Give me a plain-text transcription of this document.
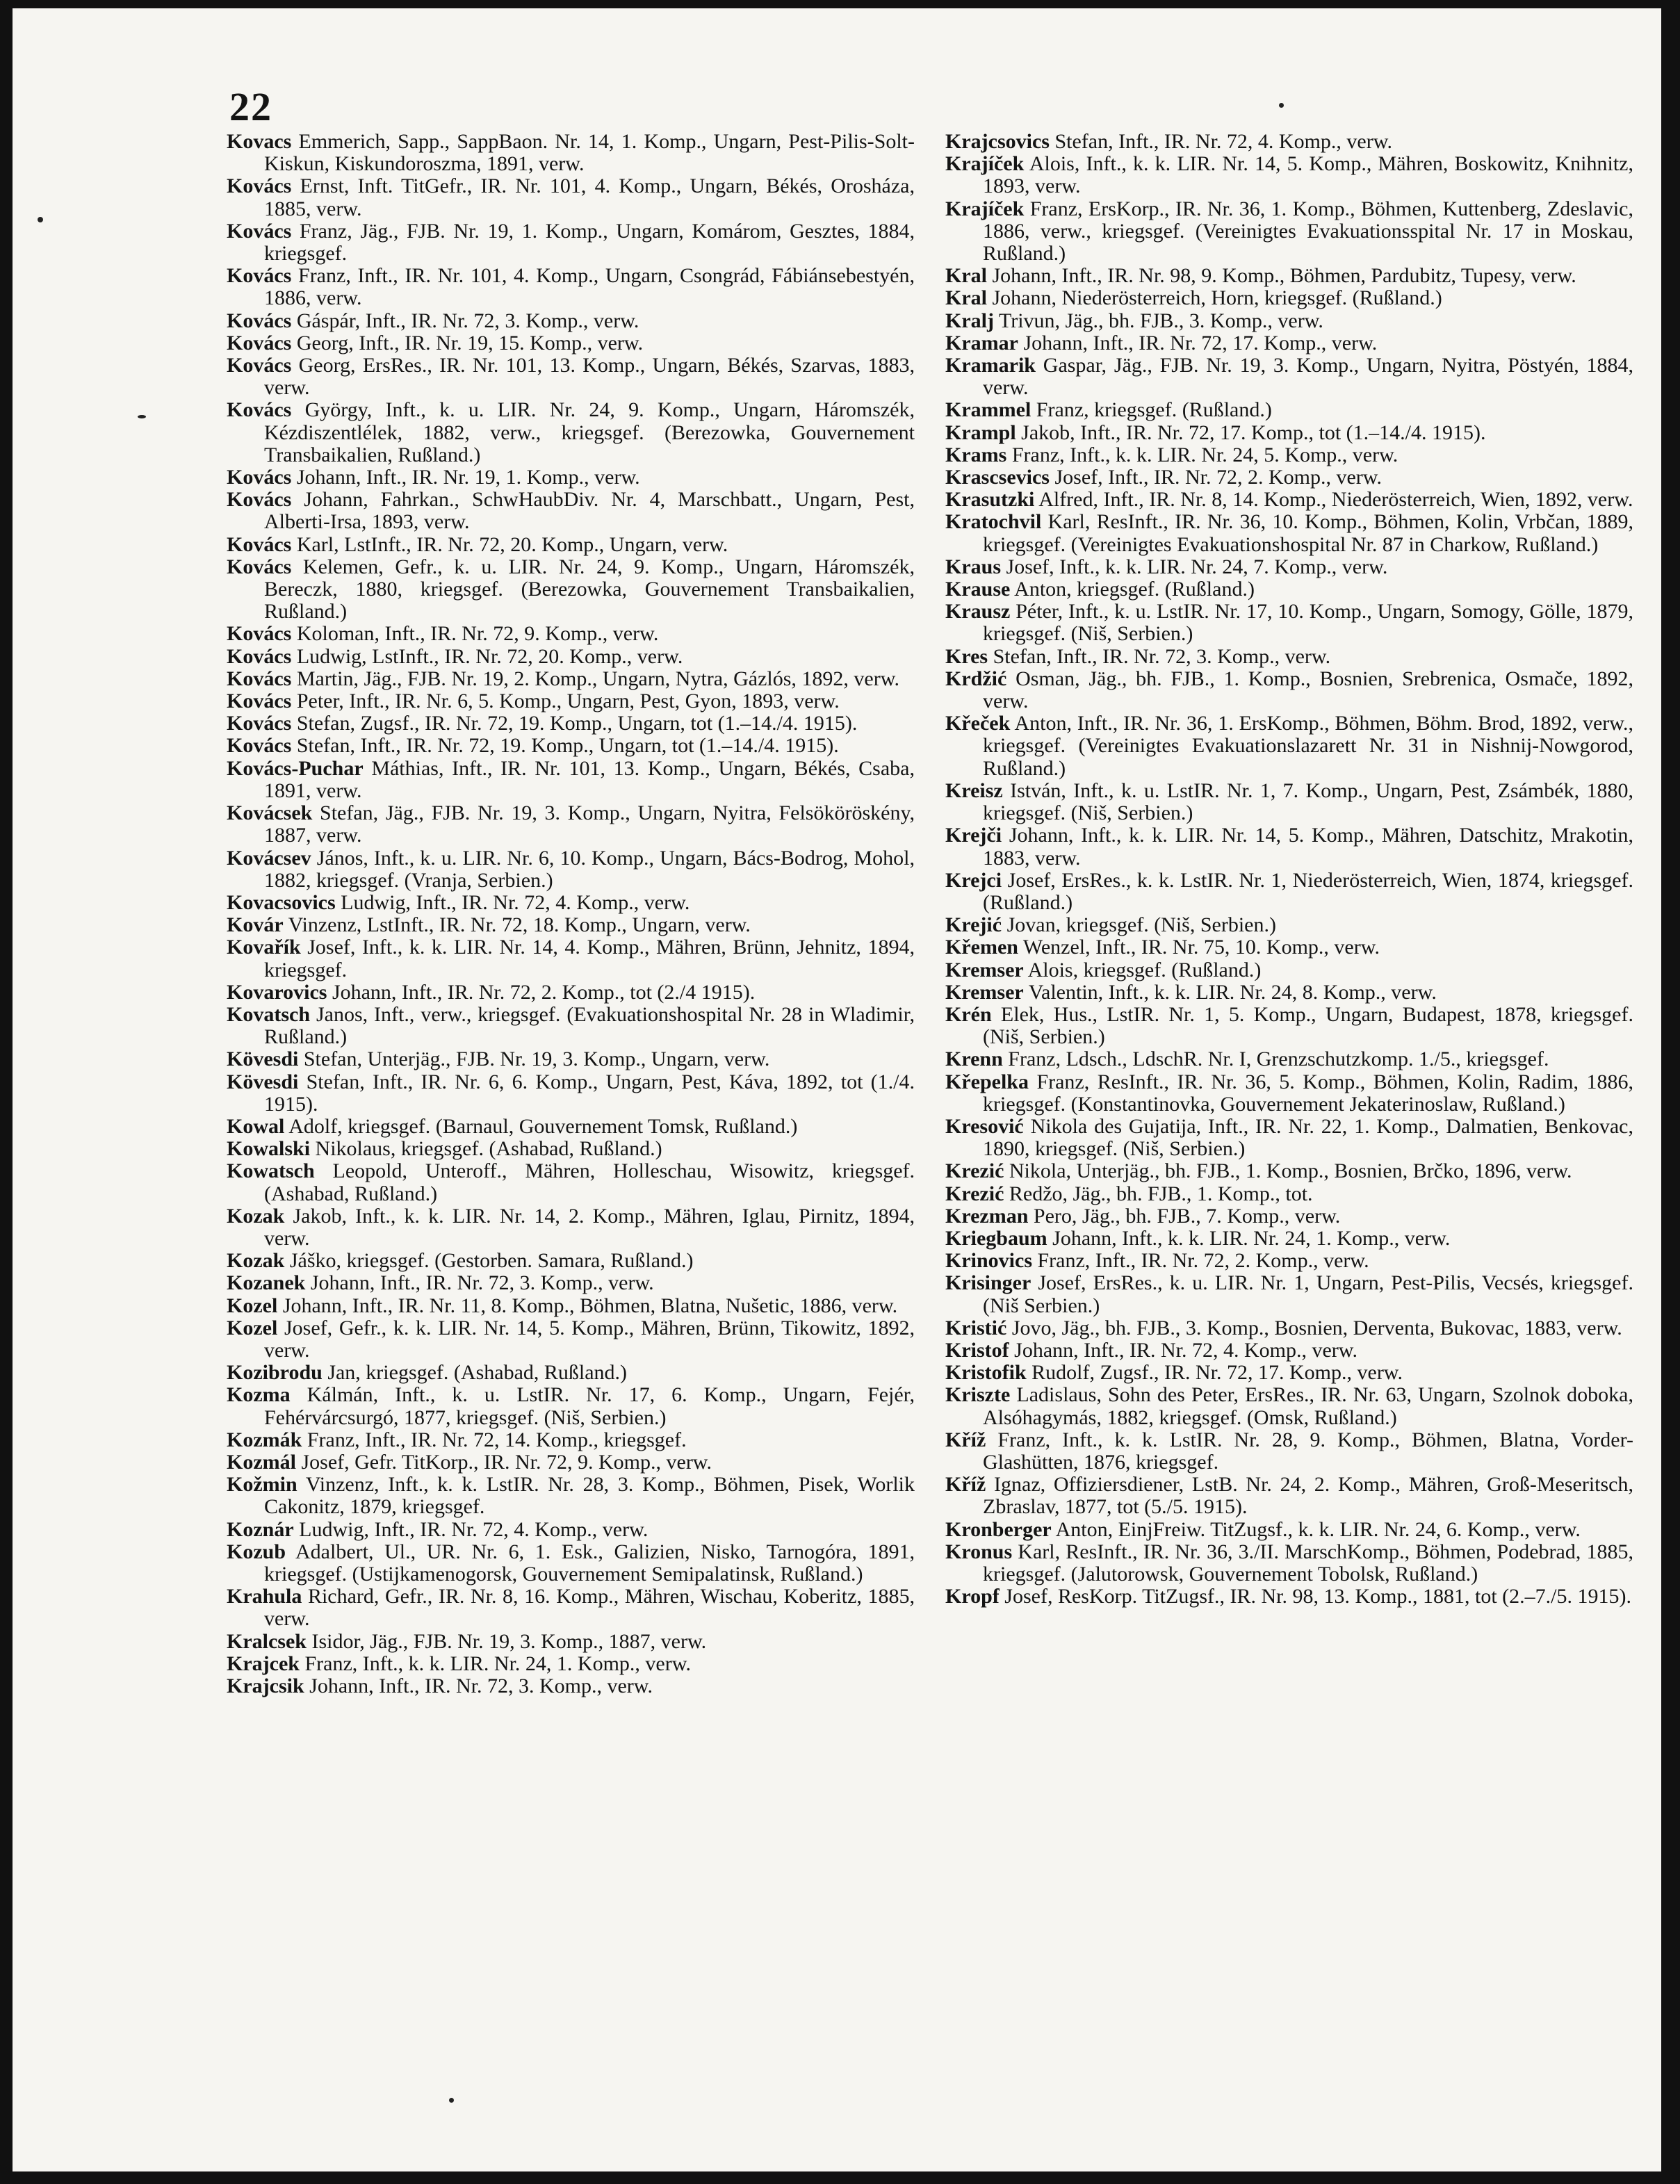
22

Kovacs Emmerich, Sapp., SappBaon. Nr. 14, 1. Komp., Ungarn, Pest-Pilis-Solt-Kiskun, Kiskundoroszma, 1891, verw.

Kovács Ernst, Inft. TitGefr., IR. Nr. 101, 4. Komp., Ungarn, Békés, Orosháza, 1885, verw.

Kovács Franz, Jäg., FJB. Nr. 19, 1. Komp., Ungarn, Komárom, Gesztes, 1884, kriegsgef.

Kovács Franz, Inft., IR. Nr. 101, 4. Komp., Ungarn, Csongrád, Fábiánsebestyén, 1886, verw.

Kovács Gáspár, Inft., IR. Nr. 72, 3. Komp., verw.

Kovács Georg, Inft., IR. Nr. 19, 15. Komp., verw.

Kovács Georg, ErsRes., IR. Nr. 101, 13. Komp., Ungarn, Békés, Szarvas, 1883, verw.

Kovács György, Inft., k. u. LIR. Nr. 24, 9. Komp., Ungarn, Háromszék, Kézdiszentlélek, 1882, verw., kriegsgef. (Berezowka, Gouvernement Transbaikalien, Rußland.)

Kovács Johann, Inft., IR. Nr. 19, 1. Komp., verw.

Kovács Johann, Fahrkan., SchwHaubDiv. Nr. 4, Marschbatt., Ungarn, Pest, Alberti-Irsa, 1893, verw.

Kovács Karl, LstInft., IR. Nr. 72, 20. Komp., Ungarn, verw.

Kovács Kelemen, Gefr., k. u. LIR. Nr. 24, 9. Komp., Ungarn, Háromszék, Bereczk, 1880, kriegsgef. (Berezowka, Gouvernement Transbaikalien, Rußland.)

Kovács Koloman, Inft., IR. Nr. 72, 9. Komp., verw.

Kovács Ludwig, LstInft., IR. Nr. 72, 20. Komp., verw.

Kovács Martin, Jäg., FJB. Nr. 19, 2. Komp., Ungarn, Nytra, Gázlós, 1892, verw.

Kovács Peter, Inft., IR. Nr. 6, 5. Komp., Ungarn, Pest, Gyon, 1893, verw.

Kovács Stefan, Zugsf., IR. Nr. 72, 19. Komp., Ungarn, tot (1.–14./4. 1915).

Kovács Stefan, Inft., IR. Nr. 72, 19. Komp., Ungarn, tot (1.–14./4. 1915).

Kovács-Puchar Máthias, Inft., IR. Nr. 101, 13. Komp., Ungarn, Békés, Csaba, 1891, verw.

Kovácsek Stefan, Jäg., FJB. Nr. 19, 3. Komp., Ungarn, Nyitra, Felsököröskény, 1887, verw.

Kovácsev János, Inft., k. u. LIR. Nr. 6, 10. Komp., Ungarn, Bács-Bodrog, Mohol, 1882, kriegsgef. (Vranja, Serbien.)

Kovacsovics Ludwig, Inft., IR. Nr. 72, 4. Komp., verw.

Kovár Vinzenz, LstInft., IR. Nr. 72, 18. Komp., Ungarn, verw.

Kovařík Josef, Inft., k. k. LIR. Nr. 14, 4. Komp., Mähren, Brünn, Jehnitz, 1894, kriegsgef.

Kovarovics Johann, Inft., IR. Nr. 72, 2. Komp., tot (2./4 1915).

Kovatsch Janos, Inft., verw., kriegsgef. (Evakuationshospital Nr. 28 in Wladimir, Rußland.)

Kövesdi Stefan, Unterjäg., FJB. Nr. 19, 3. Komp., Ungarn, verw.

Kövesdi Stefan, Inft., IR. Nr. 6, 6. Komp., Ungarn, Pest, Káva, 1892, tot (1./4. 1915).

Kowal Adolf, kriegsgef. (Barnaul, Gouvernement Tomsk, Rußland.)

Kowalski Nikolaus, kriegsgef. (Ashabad, Rußland.)

Kowatsch Leopold, Unteroff., Mähren, Holleschau, Wisowitz, kriegsgef. (Ashabad, Rußland.)

Kozak Jakob, Inft., k. k. LIR. Nr. 14, 2. Komp., Mähren, Iglau, Pirnitz, 1894, verw.

Kozak Jáško, kriegsgef. (Gestorben. Samara, Rußland.)

Kozanek Johann, Inft., IR. Nr. 72, 3. Komp., verw.

Kozel Johann, Inft., IR. Nr. 11, 8. Komp., Böhmen, Blatna, Nušetic, 1886, verw.

Kozel Josef, Gefr., k. k. LIR. Nr. 14, 5. Komp., Mähren, Brünn, Tikowitz, 1892, verw.

Kozibrodu Jan, kriegsgef. (Ashabad, Rußland.)

Kozma Kálmán, Inft., k. u. LstIR. Nr. 17, 6. Komp., Ungarn, Fejér, Fehérvárcsurgó, 1877, kriegsgef. (Niš, Serbien.)

Kozmák Franz, Inft., IR. Nr. 72, 14. Komp., kriegsgef.

Kozmál Josef, Gefr. TitKorp., IR. Nr. 72, 9. Komp., verw.

Kožmin Vinzenz, Inft., k. k. LstIR. Nr. 28, 3. Komp., Böhmen, Pisek, Worlik Cakonitz, 1879, kriegsgef.

Koznár Ludwig, Inft., IR. Nr. 72, 4. Komp., verw.

Kozub Adalbert, Ul., UR. Nr. 6, 1. Esk., Galizien, Nisko, Tarnogóra, 1891, kriegsgef. (Ustijkamenogorsk, Gouvernement Semipalatinsk, Rußland.)

Krahula Richard, Gefr., IR. Nr. 8, 16. Komp., Mähren, Wischau, Koberitz, 1885, verw.

Kralcsek Isidor, Jäg., FJB. Nr. 19, 3. Komp., 1887, verw.

Krajcek Franz, Inft., k. k. LIR. Nr. 24, 1. Komp., verw.

Krajcsik Johann, Inft., IR. Nr. 72, 3. Komp., verw.

Krajcsovics Stefan, Inft., IR. Nr. 72, 4. Komp., verw.

Krajíček Alois, Inft., k. k. LIR. Nr. 14, 5. Komp., Mähren, Boskowitz, Knihnitz, 1893, verw.

Krajíček Franz, ErsKorp., IR. Nr. 36, 1. Komp., Böhmen, Kuttenberg, Zdeslavic, 1886, verw., kriegsgef. (Vereinigtes Evakuationsspital Nr. 17 in Moskau, Rußland.)

Kral Johann, Inft., IR. Nr. 98, 9. Komp., Böhmen, Pardubitz, Tupesy, verw.

Kral Johann, Niederösterreich, Horn, kriegsgef. (Rußland.)

Kralj Trivun, Jäg., bh. FJB., 3. Komp., verw.

Kramar Johann, Inft., IR. Nr. 72, 17. Komp., verw.

Kramarik Gaspar, Jäg., FJB. Nr. 19, 3. Komp., Ungarn, Nyitra, Pöstyén, 1884, verw.

Krammel Franz, kriegsgef. (Rußland.)

Krampl Jakob, Inft., IR. Nr. 72, 17. Komp., tot (1.–14./4. 1915).

Krams Franz, Inft., k. k. LIR. Nr. 24, 5. Komp., verw.

Krascsevics Josef, Inft., IR. Nr. 72, 2. Komp., verw.

Krasutzki Alfred, Inft., IR. Nr. 8, 14. Komp., Niederösterreich, Wien, 1892, verw.

Kratochvil Karl, ResInft., IR. Nr. 36, 10. Komp., Böhmen, Kolin, Vrbčan, 1889, kriegsgef. (Vereinigtes Evakuationshospital Nr. 87 in Charkow, Rußland.)

Kraus Josef, Inft., k. k. LIR. Nr. 24, 7. Komp., verw.

Krause Anton, kriegsgef. (Rußland.)

Krausz Péter, Inft., k. u. LstIR. Nr. 17, 10. Komp., Ungarn, Somogy, Gölle, 1879, kriegsgef. (Niš, Serbien.)

Kres Stefan, Inft., IR. Nr. 72, 3. Komp., verw.

Krdžić Osman, Jäg., bh. FJB., 1. Komp., Bosnien, Srebrenica, Osmače, 1892, verw.

Křeček Anton, Inft., IR. Nr. 36, 1. ErsKomp., Böhmen, Böhm. Brod, 1892, verw., kriegsgef. (Vereinigtes Evakuationslazarett Nr. 31 in Nishnij-Nowgorod, Rußland.)

Kreisz István, Inft., k. u. LstIR. Nr. 1, 7. Komp., Ungarn, Pest, Zsámbék, 1880, kriegsgef. (Niš, Serbien.)

Krejči Johann, Inft., k. k. LIR. Nr. 14, 5. Komp., Mähren, Datschitz, Mrakotin, 1883, verw.

Krejci Josef, ErsRes., k. k. LstIR. Nr. 1, Niederösterreich, Wien, 1874, kriegsgef. (Rußland.)

Krejić Jovan, kriegsgef. (Niš, Serbien.)

Křemen Wenzel, Inft., IR. Nr. 75, 10. Komp., verw.

Kremser Alois, kriegsgef. (Rußland.)

Kremser Valentin, Inft., k. k. LIR. Nr. 24, 8. Komp., verw.

Krén Elek, Hus., LstIR. Nr. 1, 5. Komp., Ungarn, Budapest, 1878, kriegsgef. (Niš, Serbien.)

Krenn Franz, Ldsch., LdschR. Nr. I, Grenzschutzkomp. 1./5., kriegsgef.

Křepelka Franz, ResInft., IR. Nr. 36, 5. Komp., Böhmen, Kolin, Radim, 1886, kriegsgef. (Konstantinovka, Gouvernement Jekaterinoslaw, Rußland.)

Kresović Nikola des Gujatija, Inft., IR. Nr. 22, 1. Komp., Dalmatien, Benkovac, 1890, kriegsgef. (Niš, Serbien.)

Krezić Nikola, Unterjäg., bh. FJB., 1. Komp., Bosnien, Brčko, 1896, verw.

Krezić Redžo, Jäg., bh. FJB., 1. Komp., tot.

Krezman Pero, Jäg., bh. FJB., 7. Komp., verw.

Kriegbaum Johann, Inft., k. k. LIR. Nr. 24, 1. Komp., verw.

Krinovics Franz, Inft., IR. Nr. 72, 2. Komp., verw.

Krisinger Josef, ErsRes., k. u. LIR. Nr. 1, Ungarn, Pest-Pilis, Vecsés, kriegsgef. (Niš Serbien.)

Kristić Jovo, Jäg., bh. FJB., 3. Komp., Bosnien, Derventa, Bukovac, 1883, verw.

Kristof Johann, Inft., IR. Nr. 72, 4. Komp., verw.

Kristofik Rudolf, Zugsf., IR. Nr. 72, 17. Komp., verw.

Kriszte Ladislaus, Sohn des Peter, ErsRes., IR. Nr. 63, Ungarn, Szolnok doboka, Alsóhagymás, 1882, kriegsgef. (Omsk, Rußland.)

Kříž Franz, Inft., k. k. LstIR. Nr. 28, 9. Komp., Böhmen, Blatna, Vorder-Glashütten, 1876, kriegsgef.

Kříž Ignaz, Offiziersdiener, LstB. Nr. 24, 2. Komp., Mähren, Groß-Meseritsch, Zbraslav, 1877, tot (5./5. 1915).

Kronberger Anton, EinjFreiw. TitZugsf., k. k. LIR. Nr. 24, 6. Komp., verw.

Kronus Karl, ResInft., IR. Nr. 36, 3./II. MarschKomp., Böhmen, Podebrad, 1885, kriegsgef. (Jalutorowsk, Gouvernement Tobolsk, Rußland.)

Kropf Josef, ResKorp. TitZugsf., IR. Nr. 98, 13. Komp., 1881, tot (2.–7./5. 1915).
